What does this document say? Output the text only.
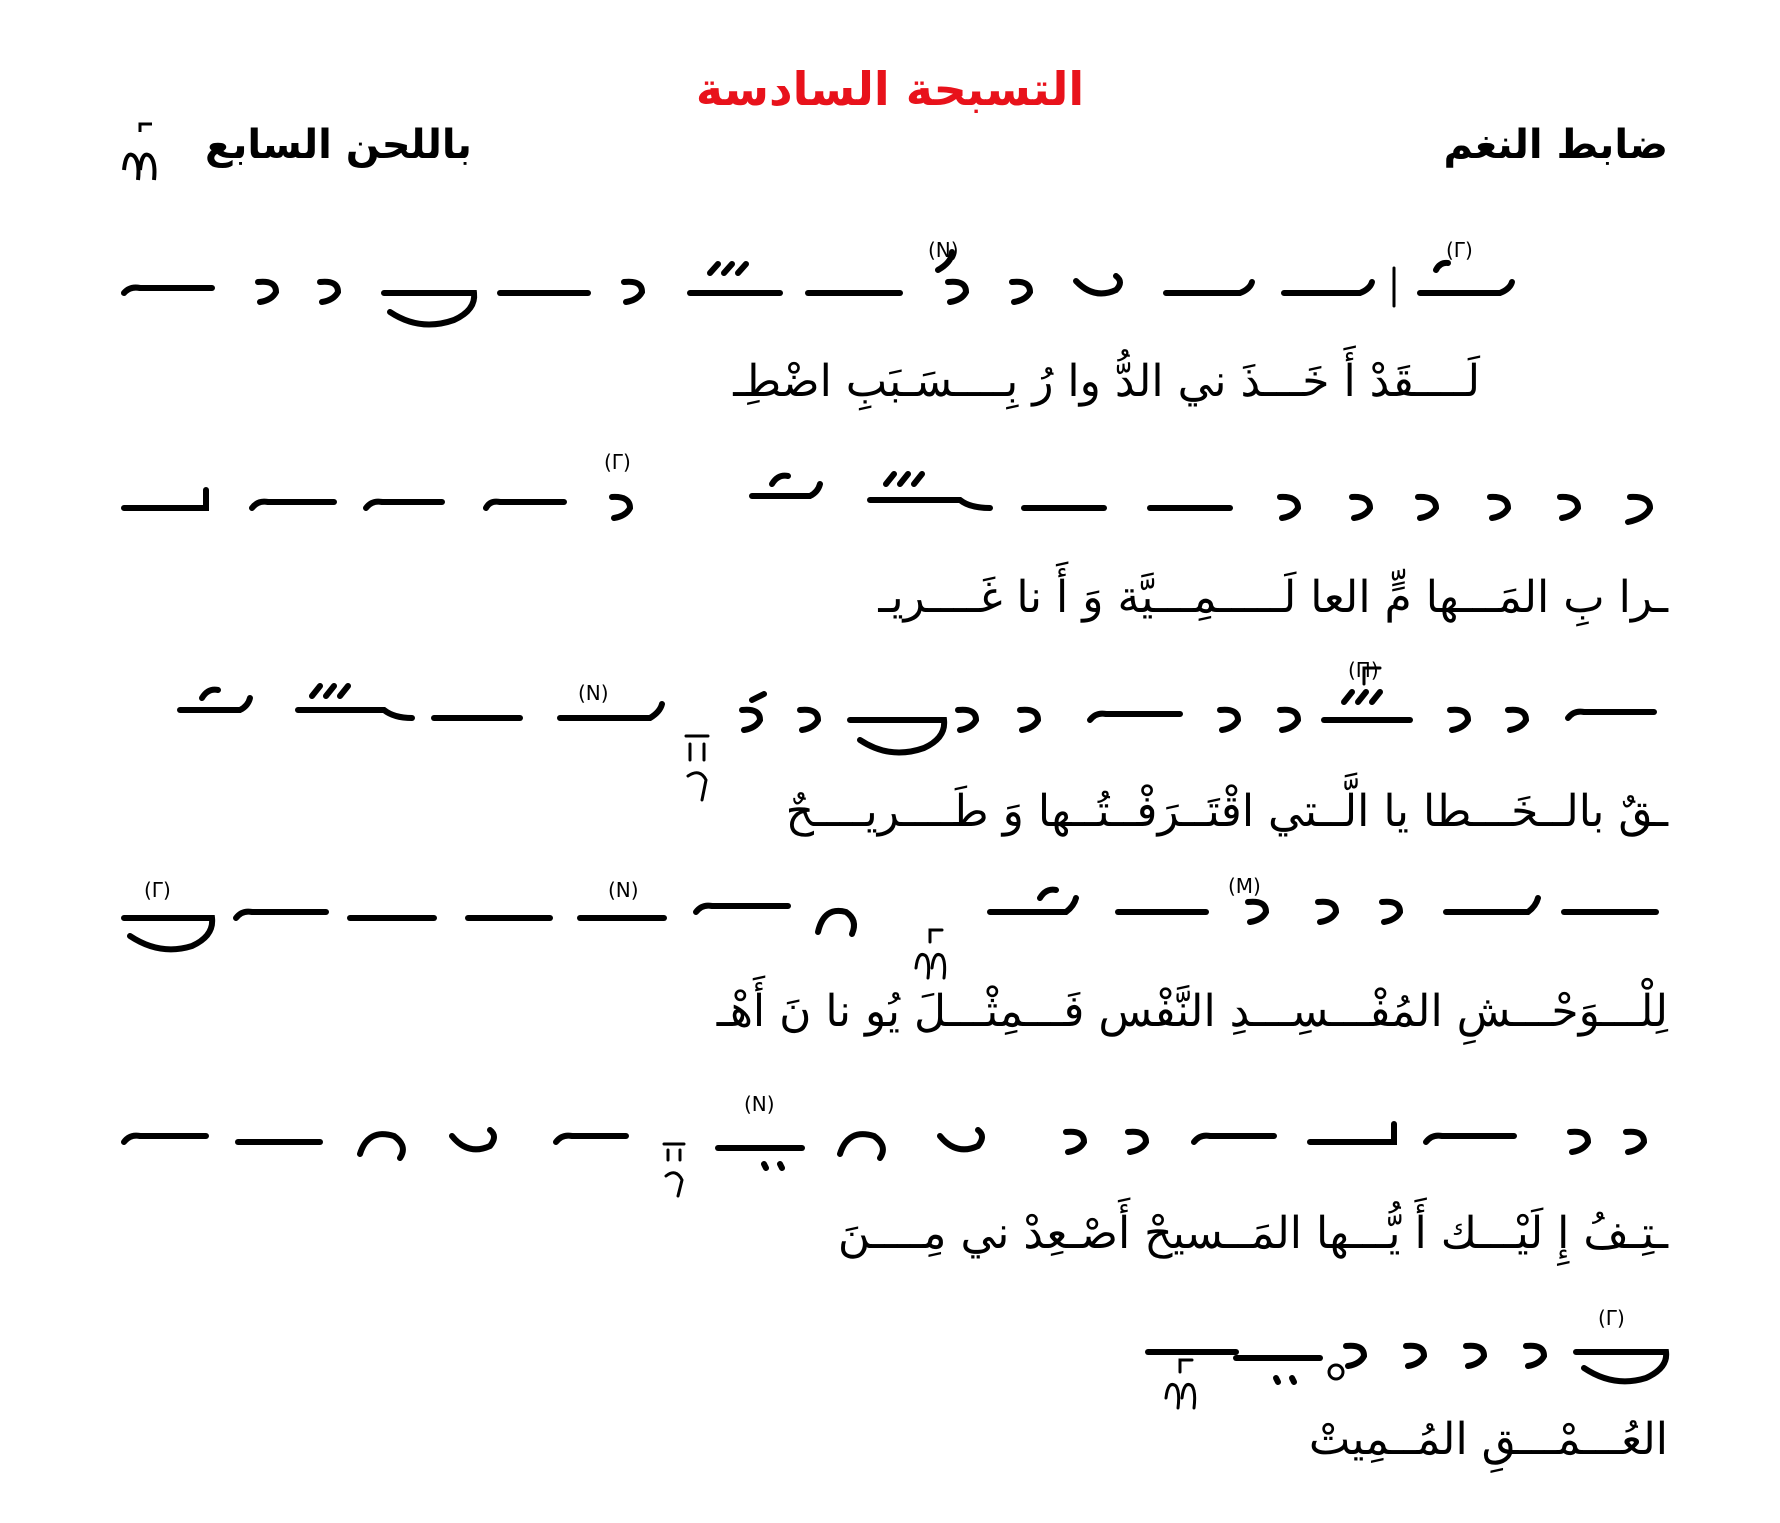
التسبحة السادسة
ضابط النغم
باللحن السابع
(Γ)
(Ν)
(Γ)
(Ν)
(Π)
(Γ)	(Ν)	(Μ)
(Ν)
(Γ)
لَــــقَدْ أَ خَـــذَ ني الدُّ وا رُ بِــــسَـبَبِ اضْطِـ
ـرا بِ المَـــها مٍّ العا لَـــــمِـــيَّة وَ أَ نا غَــــريـ
ـقٌ بالــخَـــطا يا الَّــتي اقْتَــرَفْــتُــها وَ طَــــريــــحٌ
لِلْـــوَحْـــشِ المُفْـــسِـــدِ النَّفْس فَـــمِثْـــلَ يُو نا نَ أَهْـ
ـتِـفُ إِ لَيْـــك أَ يُّـــها المَــسيحْ أَصْـعِدْ ني مِــــنَ
العُـــمْـــقِ المُــمِيتْ
